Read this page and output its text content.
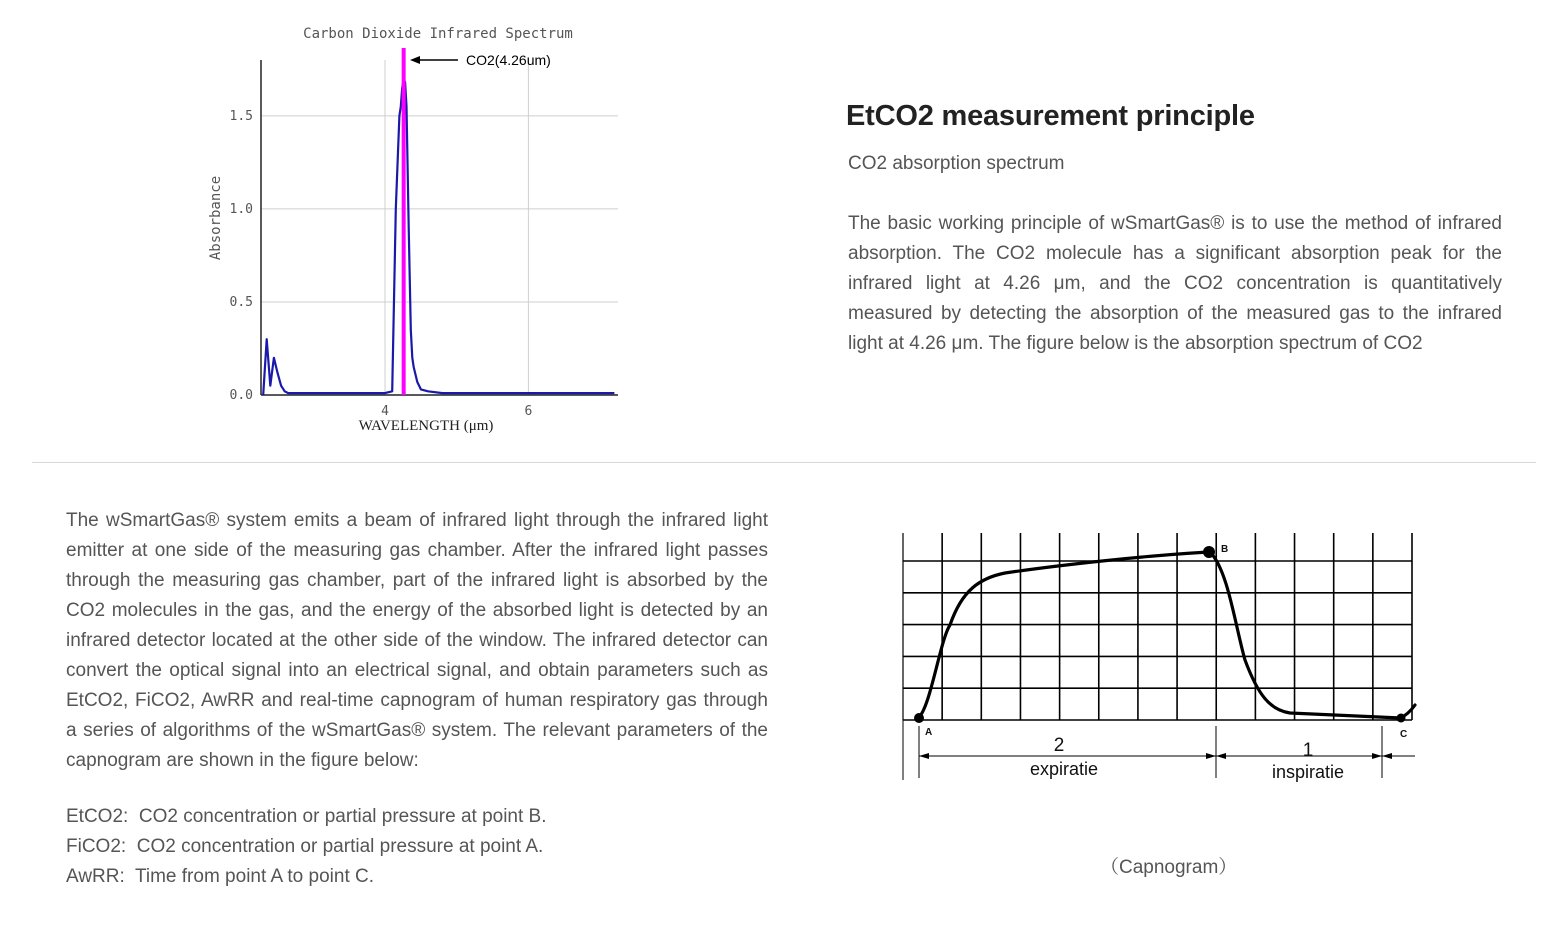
Carbon Dioxide Infrared Spectrum
0.0
0.5
1.0
1.5
4	6
Absorbance
WAVELENGTH (μm)
CO2(4.26um)
EtCO2 measurement principle
CO2 absorption spectrum

The basic working principle of wSmartGas® is to use the method of infrared absorption. The CO2 molecule has a significant absorption peak for the infrared light at 4.26 μm, and the CO2 concentration is quantitatively measured by detecting the absorption of the measured gas to the infrared light at 4.26 μm. The figure below is the absorption spectrum of CO2

The wSmartGas® system emits a beam of infrared light through the infrared light emitter at one side of the measuring gas chamber. After the infrared light passes through the measuring gas chamber, part of the infrared light is absorbed by the CO2 molecules in the gas, and the energy of the absorbed light is detected by an infrared detector located at the other side of the window. The infrared detector can convert the optical signal into an electrical signal, and obtain parameters such as EtCO2, FiCO2, AwRR and real-time capnogram of human respiratory gas through a series of algorithms of the wSmartGas® system. The relevant parameters of the capnogram are shown in the figure below:

EtCO2:  CO2 concentration or partial pressure at point B.
FiCO2:  CO2 concentration or partial pressure at point A.
AwRR:  Time from point A to point C.
A
B
C
2
expiratie
1
inspiratie
（Capnogram）
